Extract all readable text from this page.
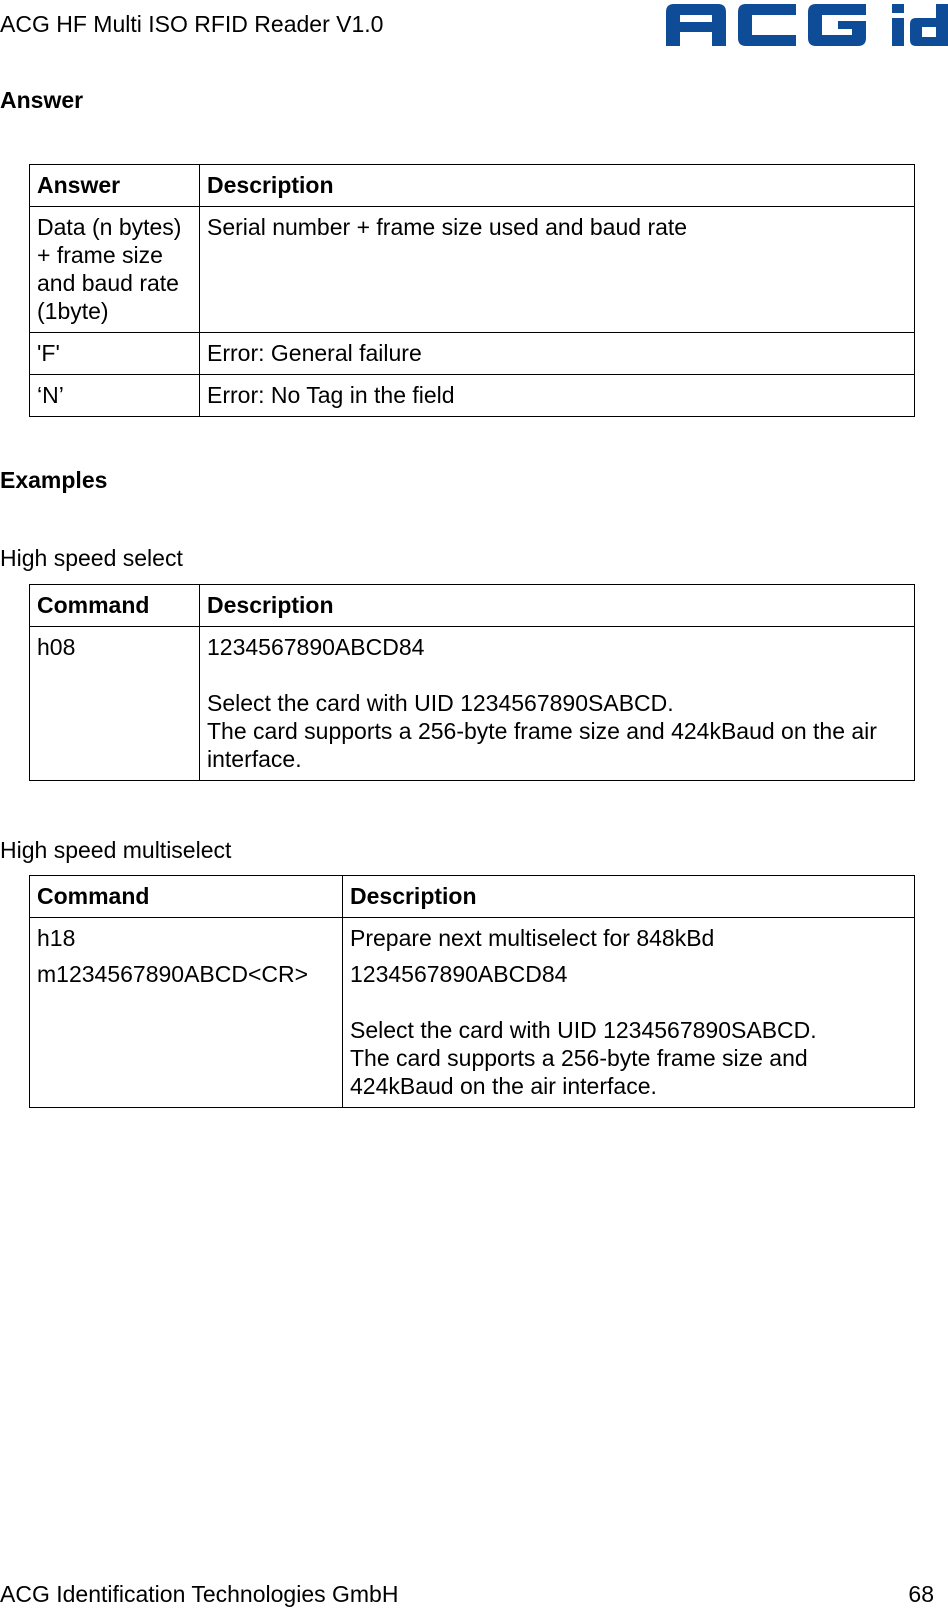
ACG HF Multi ISO RFID Reader V1.0
Answer
Answer	Description
Data (n bytes) + frame size and baud rate (1byte)	Serial number + frame size used and baud rate
'F'	Error: General failure
‘N’	Error: No Tag in the field
Examples
High speed select
Command	Description
h08	1234567890ABCD84
Select the card with UID 1234567890SABCD.
The card supports a 256-byte frame size and 424kBaud on the air interface.
High speed multiselect
Command	Description

h18
m1234567890ABCD<CR>	Prepare next multiselect for 848kBd
1234567890ABCD84
Select the card with UID 1234567890SABCD.
The card supports a 256-byte frame size and 424kBaud on the air interface.
ACG Identification Technologies GmbH	68
